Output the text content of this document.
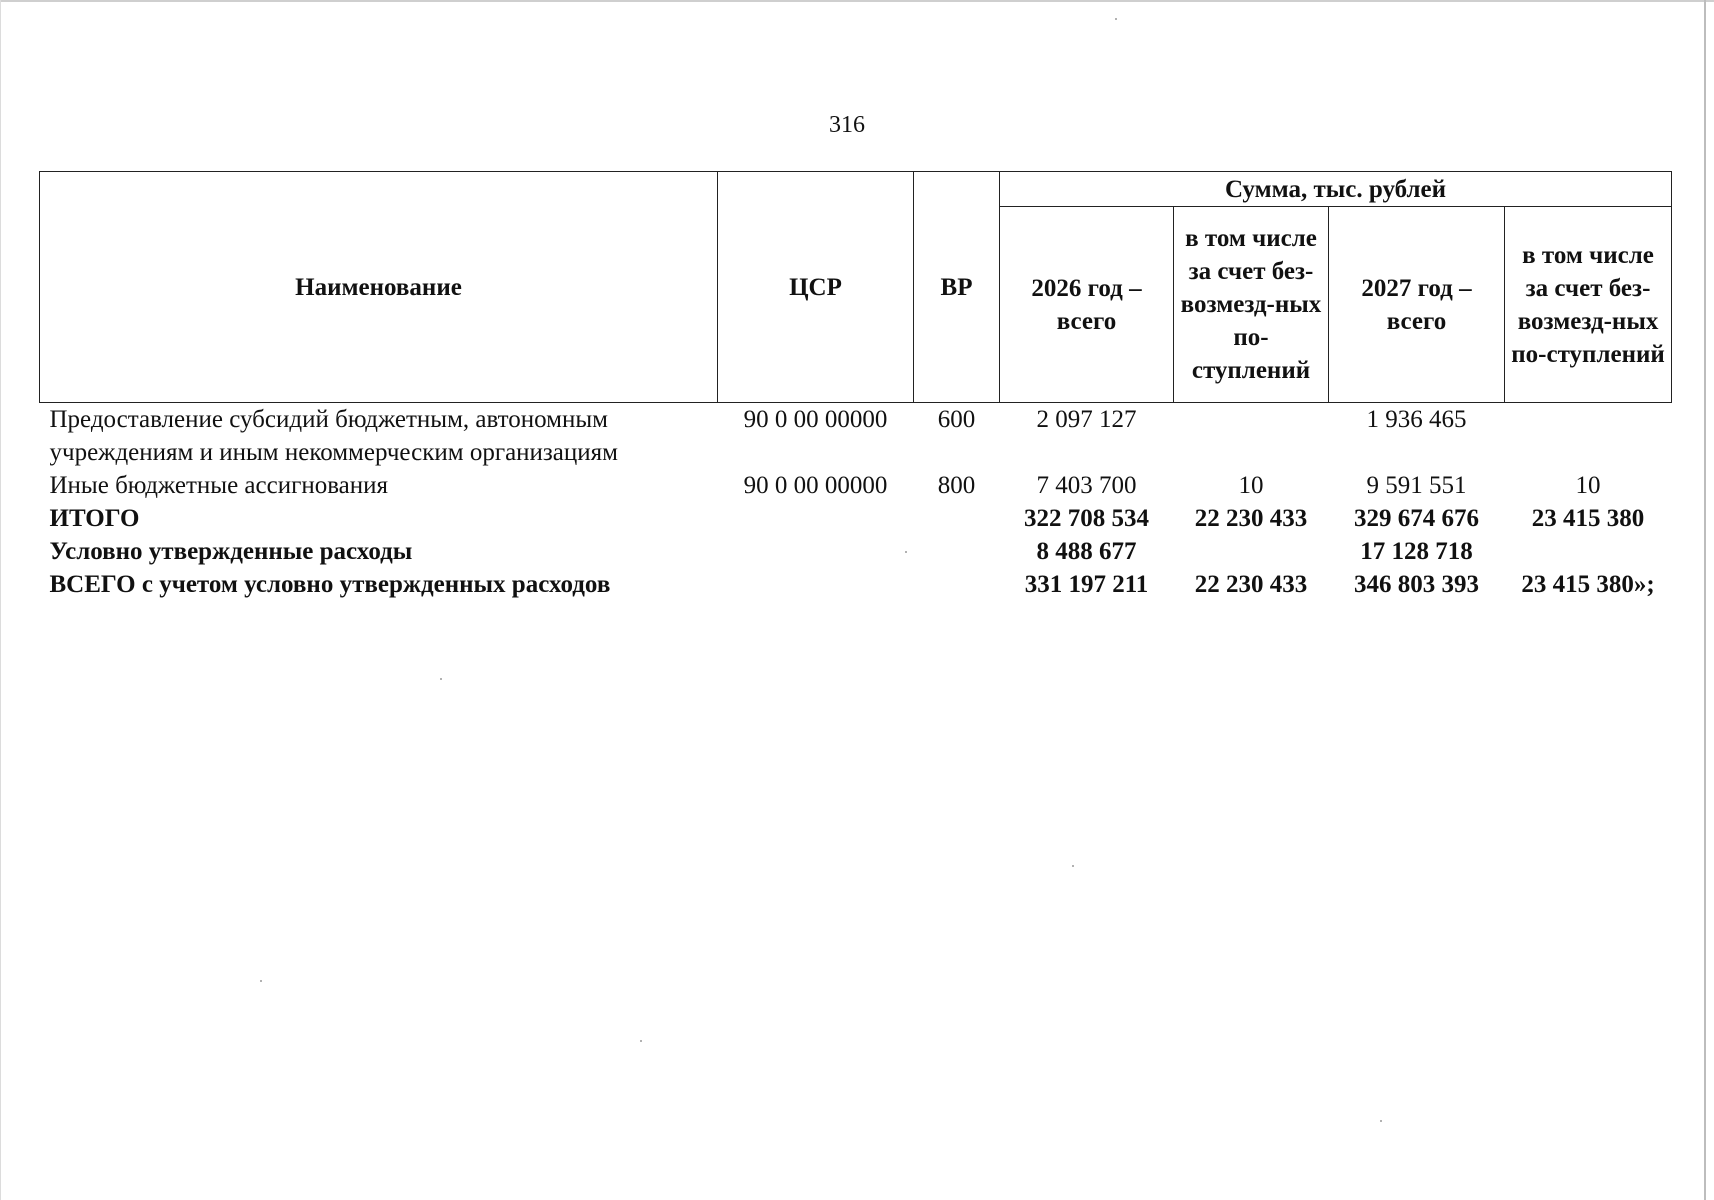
316
Наименование	ЦСР	ВР	Сумма, тыс. рублей			
			2026 год – всего	в том числе за счет без-возмезд-ных по-ступлений	2027 год – всего	в том числе за счет без-возмезд-ных по-ступлений
Предоставление субсидий бюджетным, автономным учреждениям и иным некоммерческим организациям	90 0 00 00000	600	2 097 127		1 936 465	
Иные бюджетные ассигнования	90 0 00 00000	800	7 403 700	10	9 591 551	10
ИТОГО			322 708 534	22 230 433	329 674 676	23 415 380
Условно утвержденные расходы			8 488 677		17 128 718	
ВСЕГО с учетом условно утвержденных расходов			331 197 211	22 230 433	346 803 393	23 415 380»;
